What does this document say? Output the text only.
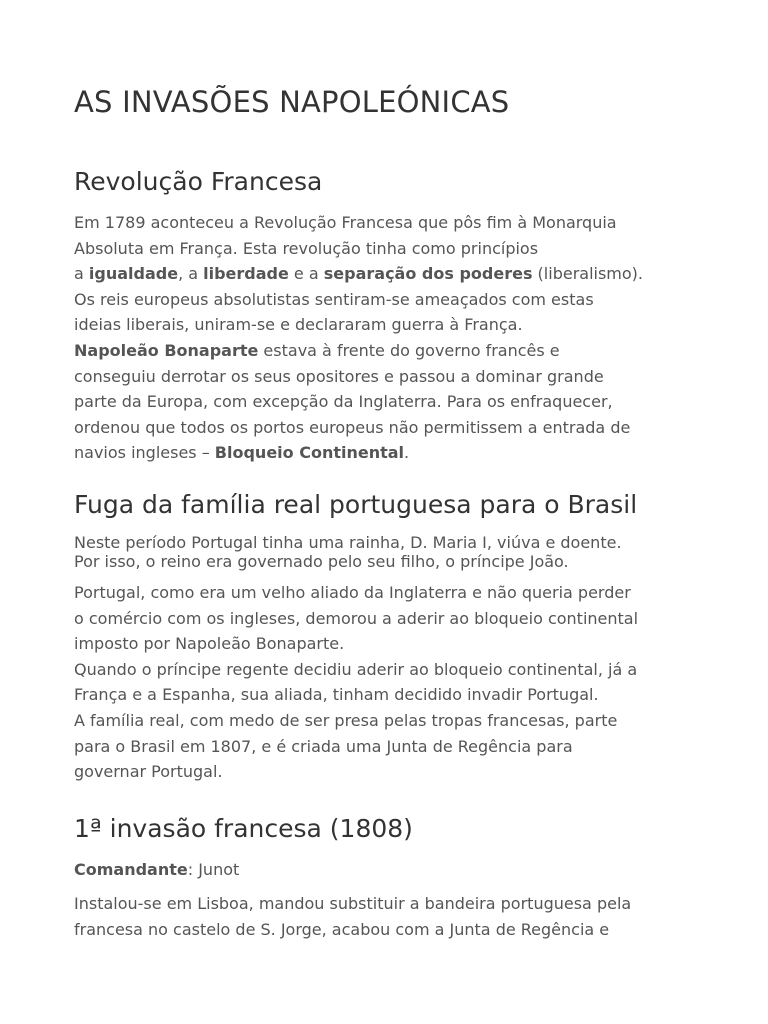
AS INVASÕES NAPOLEÓNICAS
Revolução Francesa

Em 1789 aconteceu a Revolução Francesa que pôs fim à Monarquia
Absoluta em França. Esta revolução tinha como princípios
a igualdade, a liberdade e a separação dos poderes (liberalismo).
Os reis europeus absolutistas sentiram-se ameaçados com estas
ideias liberais, uniram-se e declararam guerra à França.
Napoleão Bonaparte estava à frente do governo francês e
conseguiu derrotar os seus opositores e passou a dominar grande
parte da Europa, com excepção da Inglaterra. Para os enfraquecer,
ordenou que todos os portos europeus não permitissem a entrada de
navios ingleses – Bloqueio Continental.

Fuga da família real portuguesa para o Brasil

Neste período Portugal tinha uma rainha, D. Maria I, viúva e doente.
Por isso, o reino era governado pelo seu filho, o príncipe João.

Portugal, como era um velho aliado da Inglaterra e não queria perder
o comércio com os ingleses, demorou a aderir ao bloqueio continental
imposto por Napoleão Bonaparte.
Quando o príncipe regente decidiu aderir ao bloqueio continental, já a
França e a Espanha, sua aliada, tinham decidido invadir Portugal.
A família real, com medo de ser presa pelas tropas francesas, parte
para o Brasil em 1807, e é criada uma Junta de Regência para
governar Portugal.

1ª invasão francesa (1808)

Comandante: Junot

Instalou-se em Lisboa, mandou substituir a bandeira portuguesa pela
francesa no castelo de S. Jorge, acabou com a Junta de Regência e
